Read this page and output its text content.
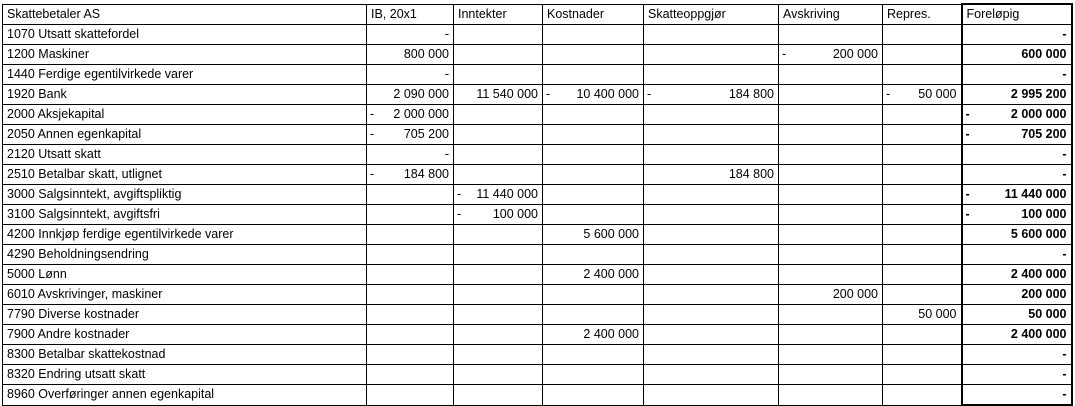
Skattebetaler AS	IB, 20x1	Inntekter	Kostnader	Skatteoppgjør	Avskriving	Repres.	Foreløpig
1070 Utsatt skattefordel	-						-
1200 Maskiner	800 000				- 200 000		600 000
1440 Ferdige egentilvirkede varer	-						-
1920 Bank	2 090 000	11 540 000	- 10 400 000	- 184 800		- 50 000	2 995 200
2000 Aksjekapital	- 2 000 000						- 2 000 000
2050 Annen egenkapital	- 705 200						- 705 200
2120 Utsatt skatt	-						-
2510 Betalbar skatt, utlignet	- 184 800			184 800			-
3000 Salgsinntekt, avgiftspliktig		- 11 440 000					- 11 440 000
3100 Salgsinntekt, avgiftsfri		- 100 000					- 100 000
4200 Innkjøp ferdige egentilvirkede varer			5 600 000				5 600 000
4290 Beholdningsendring							-
5000 Lønn			2 400 000				2 400 000
6010 Avskrivinger, maskiner					200 000		200 000
7790 Diverse kostnader						50 000	50 000
7900 Andre kostnader			2 400 000				2 400 000
8300 Betalbar skattekostnad							-
8320 Endring utsatt skatt							-
8960 Overføringer annen egenkapital							-
